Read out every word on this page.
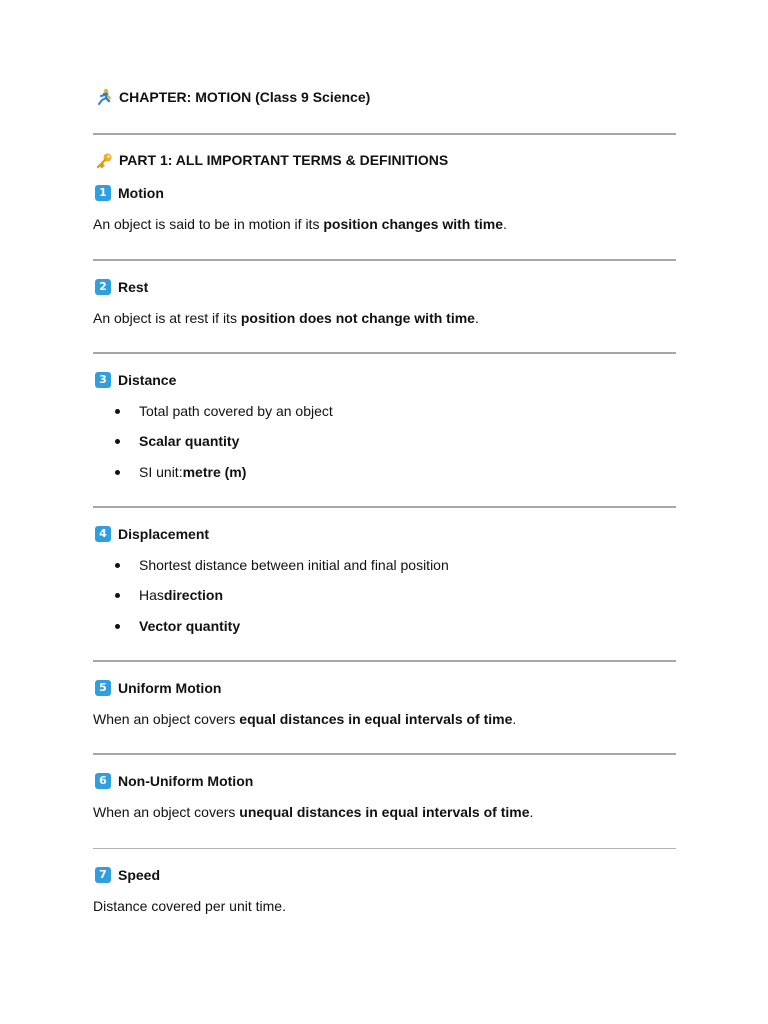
CHAPTER: MOTION (Class 9 Science)
PART 1: ALL IMPORTANT TERMS & DEFINITIONS
1 Motion
An object is said to be in motion if its position changes with time.
2 Rest
An object is at rest if its position does not change with time.
3 Distance
Total path covered by an object
Scalar quantity
SI unit: metre (m)
4 Displacement
Shortest distance between initial and final position
Has direction
Vector quantity
5 Uniform Motion
When an object covers equal distances in equal intervals of time.
6 Non-Uniform Motion
When an object covers unequal distances in equal intervals of time.
7 Speed
Distance covered per unit time.
